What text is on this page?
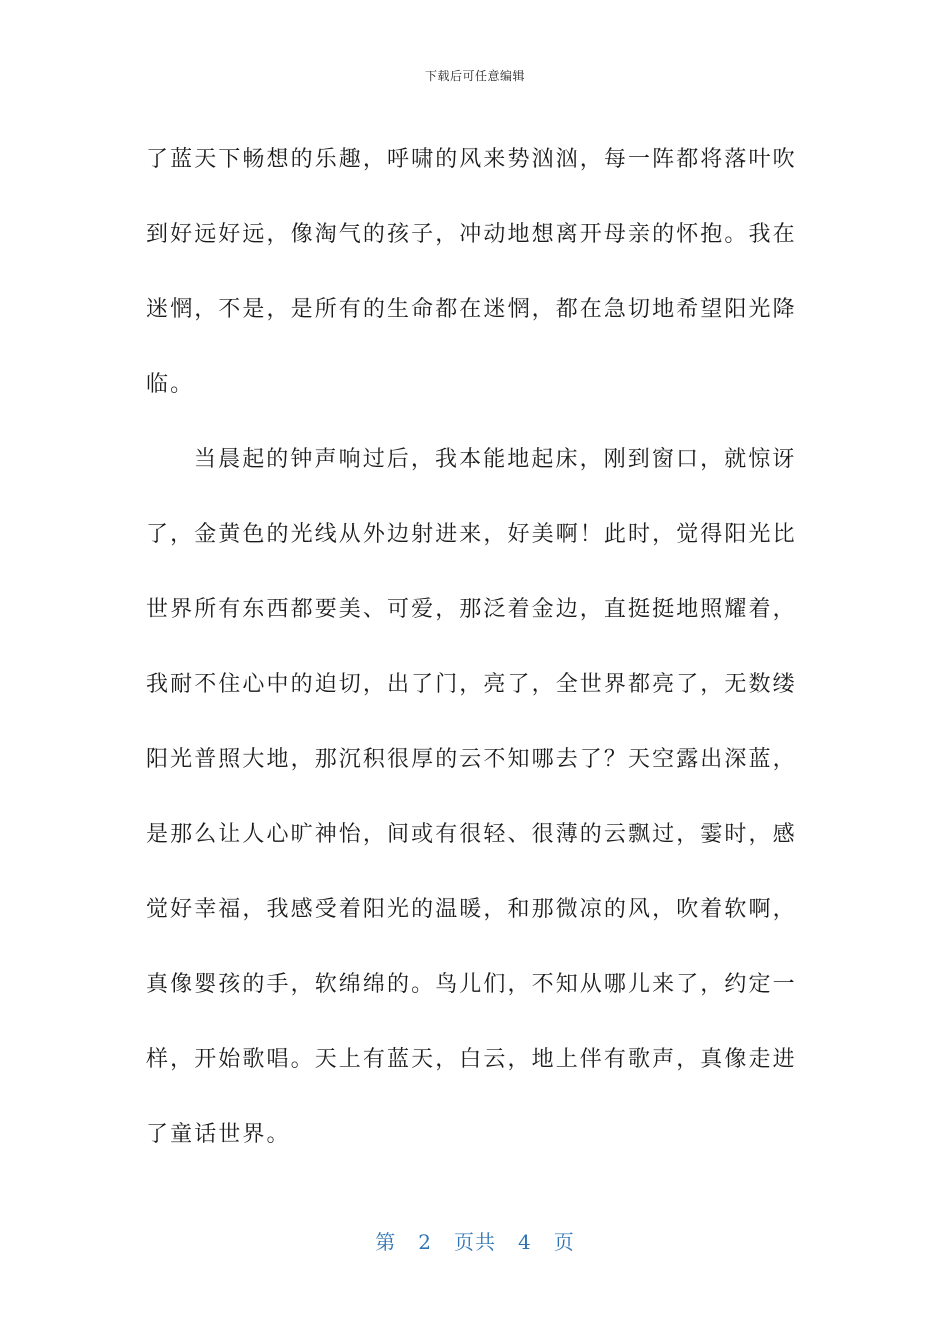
下载后可任意编辑
了蓝天下畅想的乐趣，呼啸的风来势汹汹，每一阵都将落叶吹
到好远好远，像淘气的孩子，冲动地想离开母亲的怀抱。我在
迷惘，不是，是所有的生命都在迷惘，都在急切地希望阳光降
临。
当晨起的钟声响过后，我本能地起床，刚到窗口，就惊讶
了，金黄色的光线从外边射进来，好美啊！此时，觉得阳光比
世界所有东西都要美、可爱，那泛着金边，直挺挺地照耀着，
我耐不住心中的迫切，出了门，亮了，全世界都亮了，无数缕
阳光普照大地，那沉积很厚的云不知哪去了？天空露出深蓝，
是那么让人心旷神怡，间或有很轻、很薄的云飘过，霎时，感
觉好幸福，我感受着阳光的温暖，和那微凉的风，吹着软啊，
真像婴孩的手，软绵绵的。鸟儿们，不知从哪儿来了，约定一
样，开始歌唱。天上有蓝天，白云，地上伴有歌声，真像走进
了童话世界。
第 2 页共 4 页
